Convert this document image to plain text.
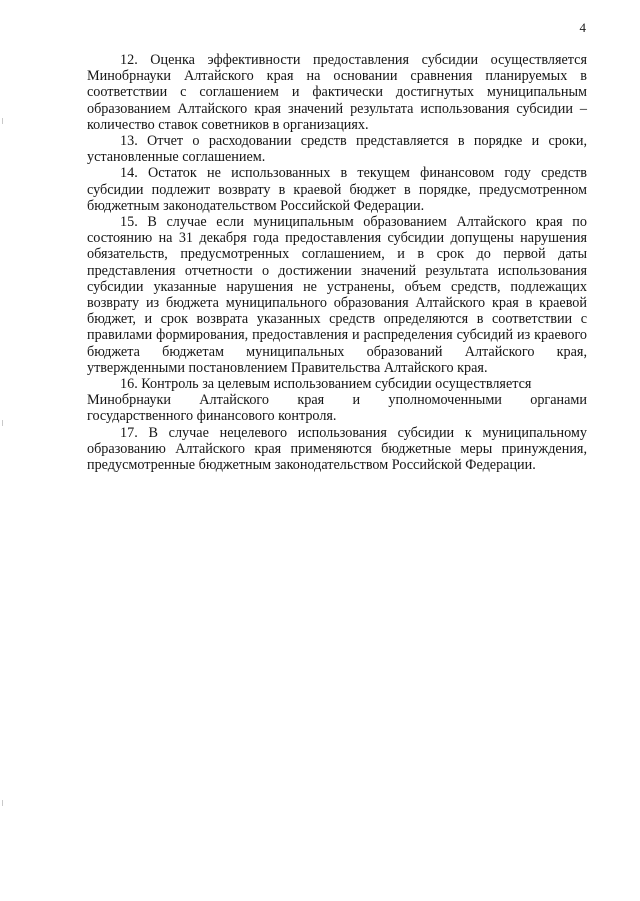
4

12. Оценка эффективности предоставления субсидии осуществляется Минобрнауки Алтайского края на основании сравнения планируемых в соответствии с соглашением и фактически достигнутых муниципальным образованием Алтайского края значений результата использования субсидии – количество ставок советников в организациях.

13. Отчет о расходовании средств представляется в порядке и сроки, установленные соглашением.

14. Остаток не использованных в текущем финансовом году средств субсидии подлежит возврату в краевой бюджет в порядке, предусмотренном бюджетным законодательством Российской Федерации.

15. В случае если муниципальным образованием Алтайского края по состоянию на 31 декабря года предоставления субсидии допущены нарушения обязательств, предусмотренных соглашением, и в срок до первой даты представления отчетности о достижении значений результата использования субсидии указанные нарушения не устранены, объем средств, подлежащих возврату из бюджета муниципального образования Алтайского края в краевой бюджет, и срок возврата указанных средств определяются в соответствии с правилами формирования, предоставления и распределения субсидий из краевого бюджета бюджетам муниципальных образований Алтайского края, утвержденными постановлением Правительства Алтайского края.

16. Контроль за целевым использованием субсидии осуществляется
Минобрнауки Алтайского края и уполномоченными органами
государственного финансового контроля.

17. В случае нецелевого использования субсидии к муниципальному образованию Алтайского края применяются бюджетные меры принуждения, предусмотренные бюджетным законодательством Российской Федерации.
